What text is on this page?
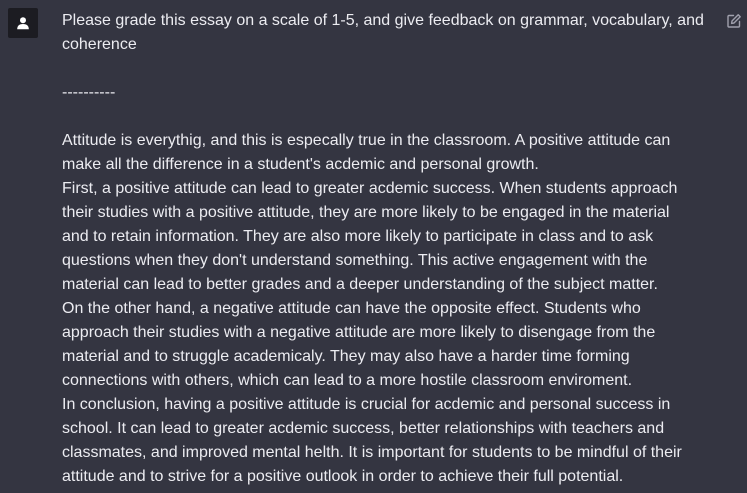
Please grade this essay on a scale of 1-5, and give feedback on grammar, vocabulary, and
coherence
----------
Attitude is everythig, and this is especally true in the classroom. A positive attitude can
make all the difference in a student's acdemic and personal growth.
First, a positive attitude can lead to greater acdemic success. When students approach
their studies with a positive attitude, they are more likely to be engaged in the material
and to retain information. They are also more likely to participate in class and to ask
questions when they don't understand something. This active engagement with the
material can lead to better grades and a deeper understanding of the subject matter.
On the other hand, a negative attitude can have the opposite effect. Students who
approach their studies with a negative attitude are more likely to disengage from the
material and to struggle academicaly. They may also have a harder time forming
connections with others, which can lead to a more hostile classroom enviroment.
In conclusion, having a positive attitude is crucial for acdemic and personal success in
school. It can lead to greater acdemic success, better relationships with teachers and
classmates, and improved mental helth. It is important for students to be mindful of their
attitude and to strive for a positive outlook in order to achieve their full potential.
